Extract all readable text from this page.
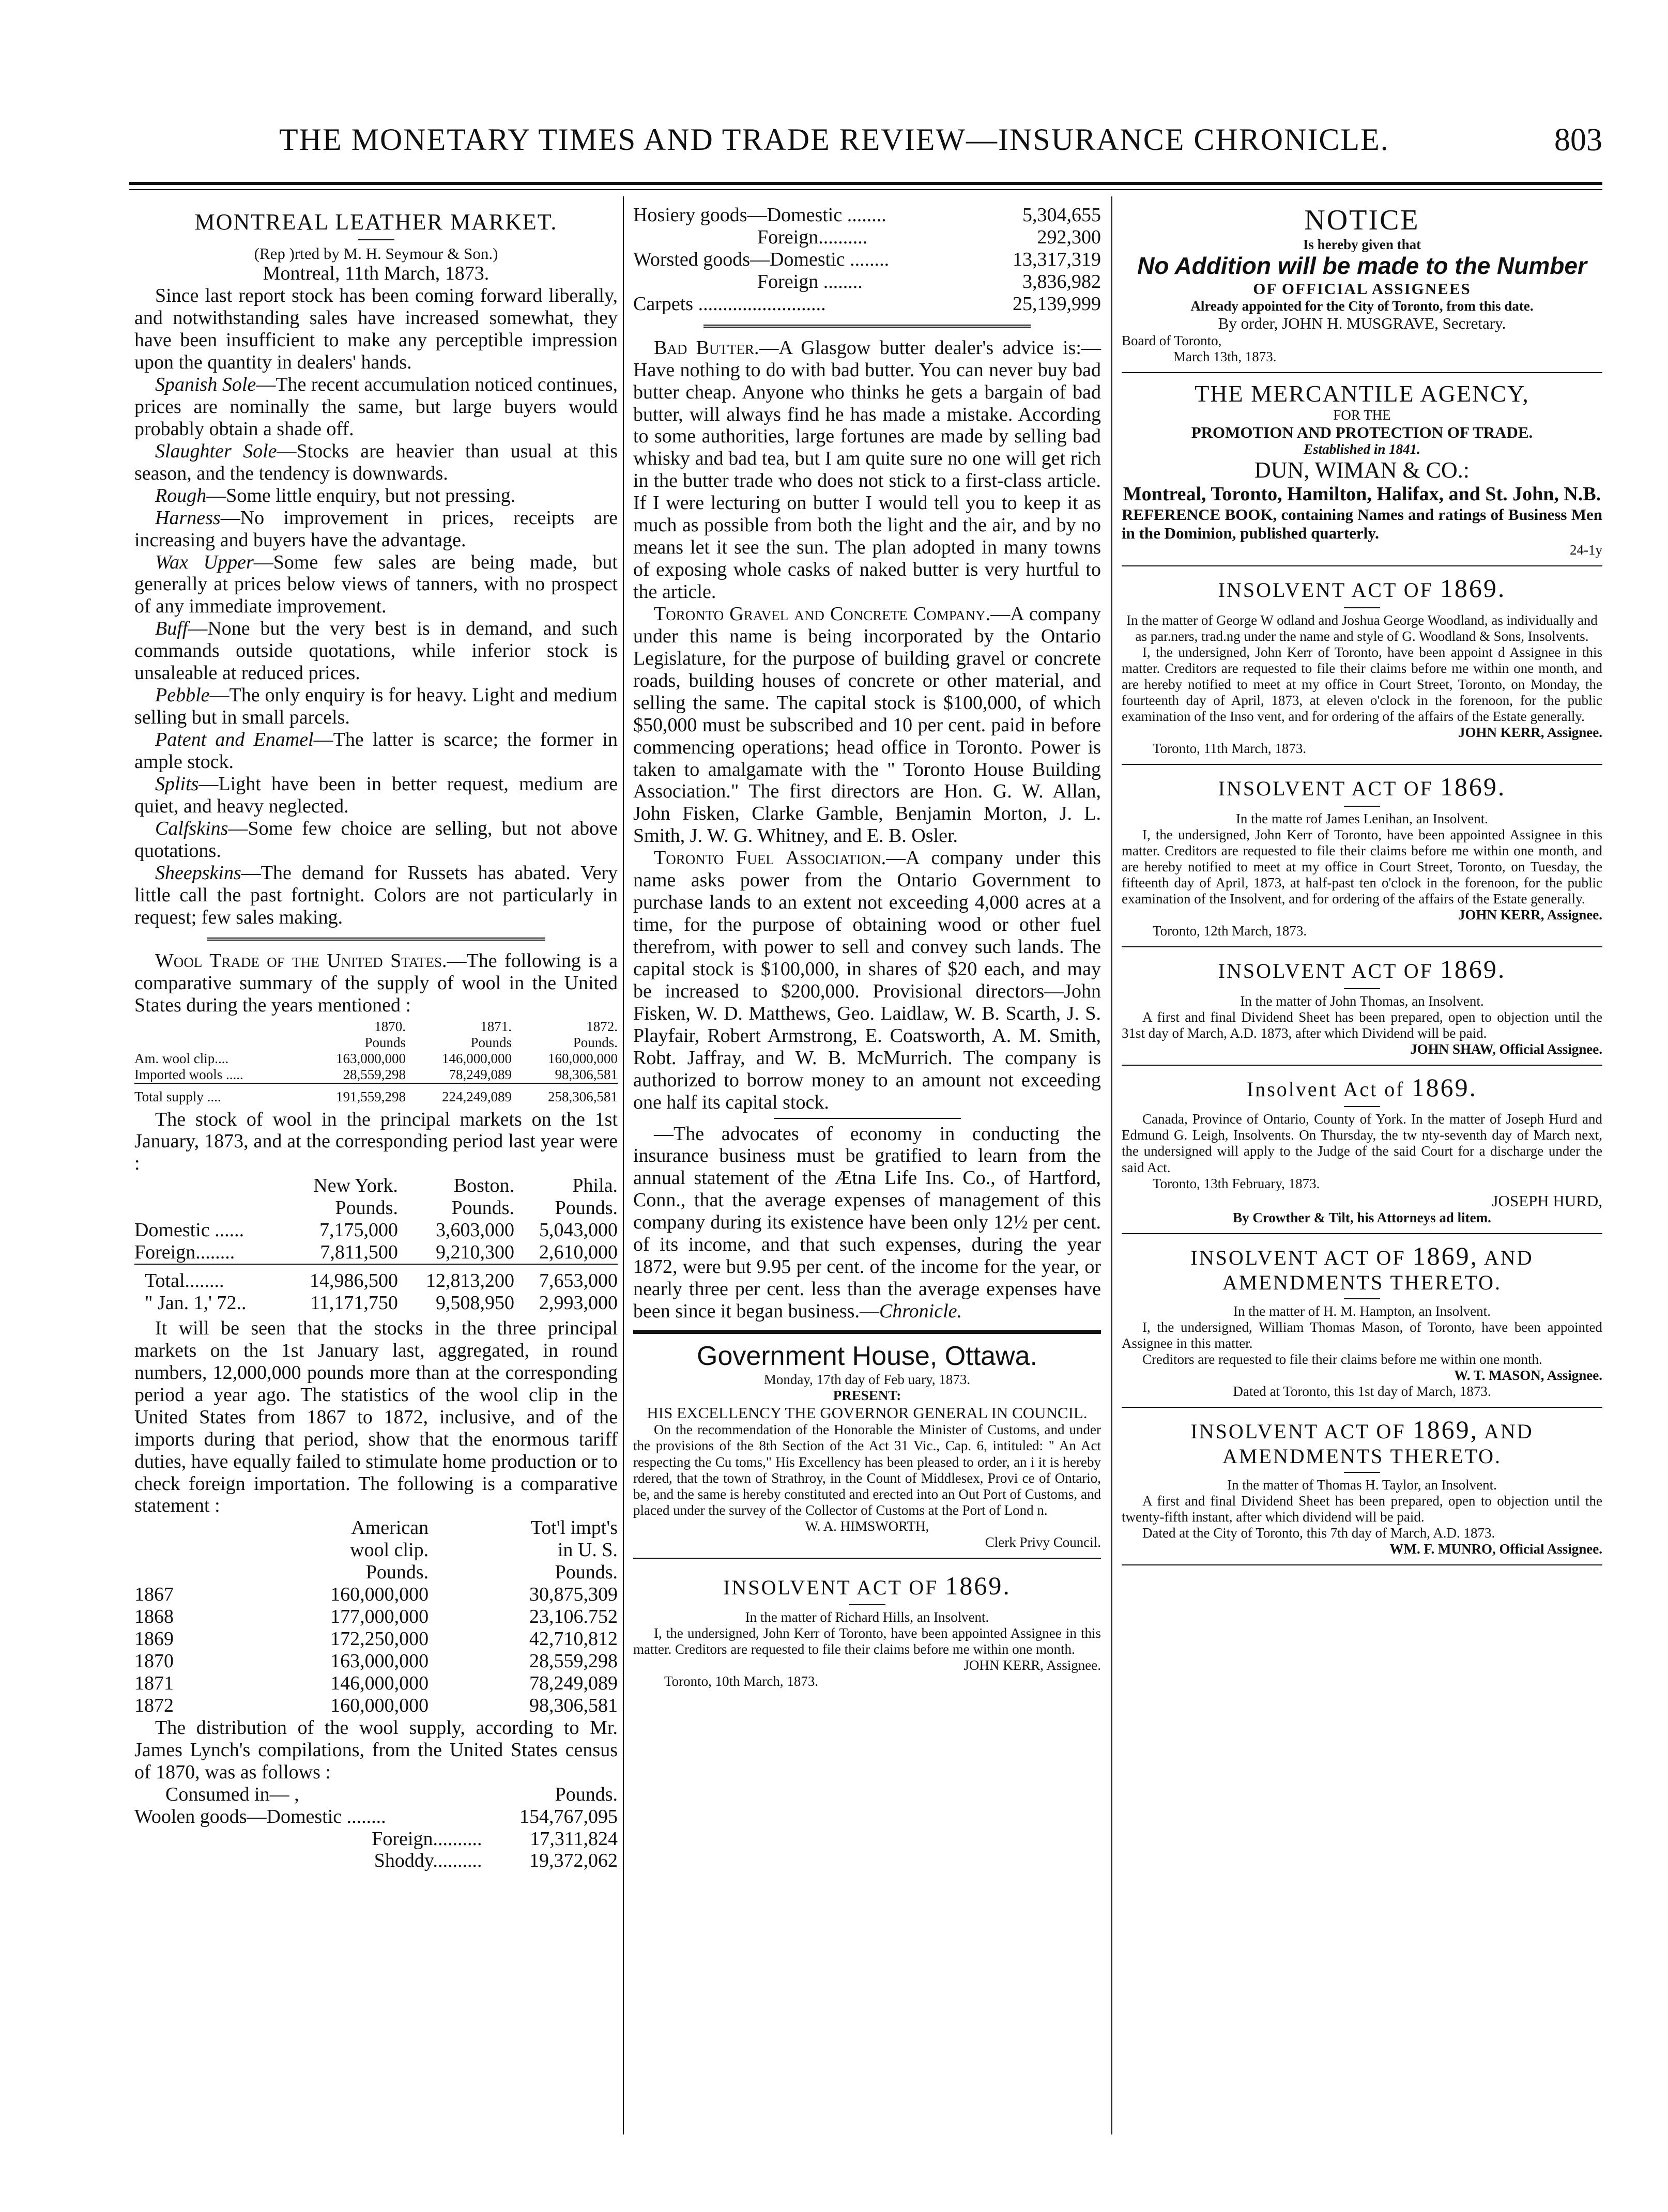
THE MONETARY TIMES AND TRADE REVIEW—INSURANCE CHRONICLE.	803
MONTREAL LEATHER MARKET.
(Rep )rted by M. H. Seymour & Son.)
Montreal, 11th March, 1873.

Since last report stock has been coming forward liberally, and notwithstanding sales have increased somewhat, they have been insufficient to make any perceptible impression upon the quantity in dealers' hands.

Spanish Sole—The recent accumulation noticed continues, prices are nominally the same, but large buyers would probably obtain a shade off.

Slaughter Sole—Stocks are heavier than usual at this season, and the tendency is downwards.

Rough—Some little enquiry, but not pressing.

Harness—No improvement in prices, receipts are increasing and buyers have the advantage.

Wax Upper—Some few sales are being made, but generally at prices below views of tanners, with no prospect of any immediate improvement.

Buff—None but the very best is in demand, and such commands outside quotations, while inferior stock is unsaleable at reduced prices.

Pebble—The only enquiry is for heavy. Light and medium selling but in small parcels.

Patent and Enamel—The latter is scarce; the former in ample stock.

Splits—Light have been in better request, medium are quiet, and heavy neglected.

Calfskins—Some few choice are selling, but not above quotations.

Sheepskins—The demand for Russets has abated. Very little call the past fortnight. Colors are not particularly in request; few sales making.

Wool Trade of the United States.—The following is a comparative summary of the supply of wool in the United States during the years mentioned :

	1870.	1871.	1872.
	Pounds	Pounds	Pounds.
Am. wool clip....	163,000,000	146,000,000	160,000,000
Imported wools .....	28,559,298	78,249,089	98,306,581
Total supply ....	191,559,298	224,249,089	258,306,581

The stock of wool in the principal markets on the 1st January, 1873, and at the corresponding period last year were :

	New York.	Boston.	Phila.
	Pounds.	Pounds.	Pounds.
Domestic ......	7,175,000	3,603,000	5,043,000
Foreign........	7,811,500	9,210,300	2,610,000
Total........	14,986,500	12,813,200	7,653,000
" Jan. 1,' 72..	11,171,750	9,508,950	2,993,000

It will be seen that the stocks in the three principal markets on the 1st January last, aggregated, in round numbers, 12,000,000 pounds more than at the corresponding period a year ago. The statistics of the wool clip in the United States from 1867 to 1872, inclusive, and of the imports during that period, show that the enormous tariff duties, have equally failed to stimulate home production or to check foreign importation. The following is a comparative statement :

	American	Tot'l impt's
	wool clip.	in U. S.
	Pounds.	Pounds.
1867	160,000,000	30,875,309
1868	177,000,000	23,106.752
1869	172,250,000	42,710,812
1870	163,000,000	28,559,298
1871	146,000,000	78,249,089
1872	160,000,000	98,306,581

The distribution of the wool supply, according to Mr. James Lynch's compilations, from the United States census of 1870, was as follows :

Consumed in— ,	Pounds.
Woolen goods—Domestic ........	154,767,095
Foreign..........	17,311,824
Shoddy..........	19,372,062
Hosiery goods—Domestic ........	5,304,655
Foreign..........	292,300
Worsted goods—Domestic ........	13,317,319
Foreign ........	3,836,982
Carpets ..........................	25,139,999

Bad Butter.—A Glasgow butter dealer's advice is:—Have nothing to do with bad butter. You can never buy bad butter cheap. Anyone who thinks he gets a bargain of bad butter, will always find he has made a mistake. According to some authorities, large fortunes are made by selling bad whisky and bad tea, but I am quite sure no one will get rich in the butter trade who does not stick to a first-class article. If I were lecturing on butter I would tell you to keep it as much as possible from both the light and the air, and by no means let it see the sun. The plan adopted in many towns of exposing whole casks of naked butter is very hurtful to the article.

Toronto Gravel and Concrete Company.—A company under this name is being incorporated by the Ontario Legislature, for the purpose of building gravel or concrete roads, building houses of concrete or other material, and selling the same. The capital stock is $100,000, of which $50,000 must be subscribed and 10 per cent. paid in before commencing operations; head office in Toronto. Power is taken to amalgamate with the " Toronto House Building Association." The first directors are Hon. G. W. Allan, John Fisken, Clarke Gamble, Benjamin Morton, J. L. Smith, J. W. G. Whitney, and E. B. Osler.

Toronto Fuel Association.—A company under this name asks power from the Ontario Government to purchase lands to an extent not exceeding 4,000 acres at a time, for the purpose of obtaining wood or other fuel therefrom, with power to sell and convey such lands. The capital stock is $100,000, in shares of $20 each, and may be increased to $200,000. Provisional directors—John Fisken, W. D. Matthews, Geo. Laidlaw, W. B. Scarth, J. S. Playfair, Robert Armstrong, E. Coatsworth, A. M. Smith, Robt. Jaffray, and W. B. McMurrich. The company is authorized to borrow money to an amount not exceeding one half its capital stock.

—The advocates of economy in conducting the insurance business must be gratified to learn from the annual statement of the Ætna Life Ins. Co., of Hartford, Conn., that the average expenses of management of this company during its existence have been only 12½ per cent. of its income, and that such expenses, during the year 1872, were but 9.95 per cent. of the income for the year, or nearly three per cent. less than the average expenses have been since it began business.—Chronicle.

Government House, Ottawa.
Monday, 17th day of Feb uary, 1873.
PRESENT:
HIS EXCELLENCY THE GOVERNOR GENERAL IN COUNCIL.

On the recommendation of the Honorable the Minister of Customs, and under the provisions of the 8th Section of the Act 31 Vic., Cap. 6, intituled: " An Act respecting the Cu toms," His Excellency has been pleased to order, an i it is hereby rdered, that the town of Strathroy, in the Count of Middlesex, Provi ce of Ontario, be, and the same is hereby constituted and erected into an Out Port of Customs, and placed under the survey of the Collector of Customs at the Port of Lond n.

W. A. HIMSWORTH,
Clerk Privy Council.
INSOLVENT ACT OF 1869.
In the matter of Richard Hills, an Insolvent.

I, the undersigned, John Kerr of Toronto, have been appointed Assignee in this matter. Creditors are requested to file their claims before me within one month.

JOHN KERR, Assignee.
Toronto, 10th March, 1873.
NOTICE
Is hereby given that
No Addition will be made to the Number
OF OFFICIAL ASSIGNEES
Already appointed for the City of Toronto, from this date.
By order, JOHN H. MUSGRAVE, Secretary.
Board of Toronto,
March 13th, 1873.
THE MERCANTILE AGENCY,
FOR THE
PROMOTION AND PROTECTION OF TRADE.
Established in 1841.
DUN, WIMAN & CO.:
Montreal, Toronto, Hamilton, Halifax, and St. John, N.B.

REFERENCE BOOK, containing Names and ratings of Business Men in the Dominion, published quarterly.

24-1y
INSOLVENT ACT OF 1869.
In the matter of George W odland and Joshua George Woodland, as individually and as par.ners, trad.ng under the name and style of G. Woodland & Sons, Insolvents.

I, the undersigned, John Kerr of Toronto, have been appoint d Assignee in this matter. Creditors are requested to file their claims before me within one month, and are hereby notified to meet at my office in Court Street, Toronto, on Monday, the fourteenth day of April, 1873, at eleven o'clock in the forenoon, for the public examination of the Inso vent, and for ordering of the affairs of the Estate generally.

JOHN KERR, Assignee.
Toronto, 11th March, 1873.
INSOLVENT ACT OF 1869.
In the matte rof James Lenihan, an Insolvent.

I, the undersigned, John Kerr of Toronto, have been appointed Assignee in this matter. Creditors are requested to file their claims before me within one month, and are hereby notified to meet at my office in Court Street, Toronto, on Tuesday, the fifteenth day of April, 1873, at half-past ten o'clock in the forenoon, for the public examination of the Insolvent, and for ordering of the affairs of the Estate generally.

JOHN KERR, Assignee.
Toronto, 12th March, 1873.
INSOLVENT ACT OF 1869.
In the matter of John Thomas, an Insolvent.

A first and final Dividend Sheet has been prepared, open to objection until the 31st day of March, A.D. 1873, after which Dividend will be paid.

JOHN SHAW, Official Assignee.
Insolvent Act of 1869.

Canada, Province of Ontario, County of York. In the matter of Joseph Hurd and Edmund G. Leigh, Insolvents. On Thursday, the tw nty-seventh day of March next, the undersigned will apply to the Judge of the said Court for a discharge under the said Act.

Toronto, 13th February, 1873.
JOSEPH HURD,
By Crowther & Tilt, his Attorneys ad litem.
INSOLVENT ACT OF 1869, AND AMENDMENTS THERETO.
In the matter of H. M. Hampton, an Insolvent.

I, the undersigned, William Thomas Mason, of Toronto, have been appointed Assignee in this matter.

Creditors are requested to file their claims before me within one month.

W. T. MASON, Assignee.
Dated at Toronto, this 1st day of March, 1873.
INSOLVENT ACT OF 1869, AND AMENDMENTS THERETO.
In the matter of Thomas H. Taylor, an Insolvent.

A first and final Dividend Sheet has been prepared, open to objection until the twenty-fifth instant, after which dividend will be paid.

Dated at the City of Toronto, this 7th day of March, A.D. 1873.
WM. F. MUNRO, Official Assignee.
